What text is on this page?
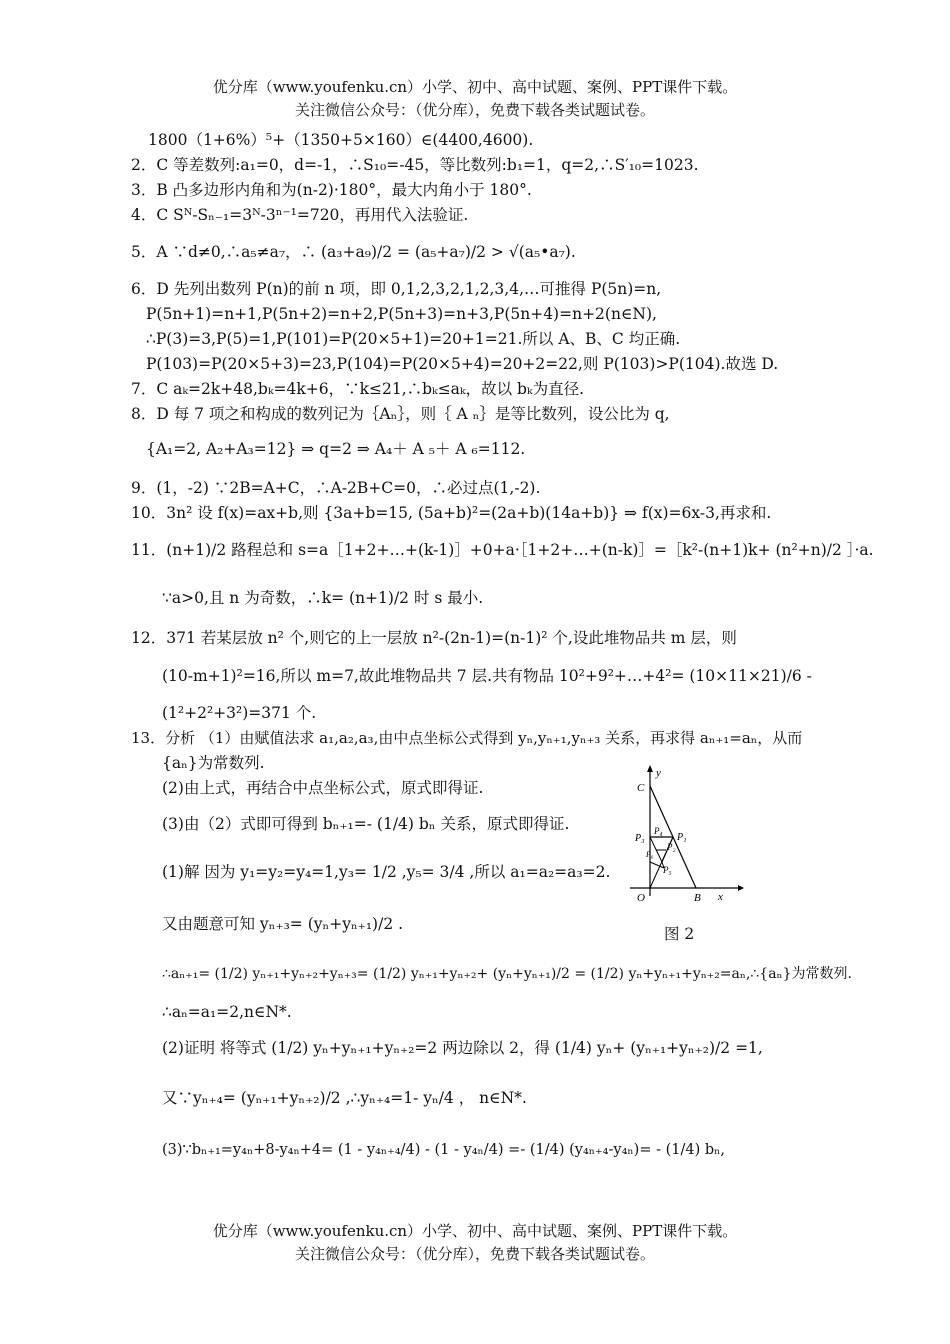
优分库（www.youfenku.cn）小学、初中、高中试题、案例、PPT课件下载。
关注微信公众号：（优分库），免费下载各类试题试卷。
1800（1+6%）⁵+（1350+5×160）∈(4400,4600).
2．C 等差数列:a₁=0，d=-1，∴S₁₀=-45，等比数列:b₁=1，q=2,∴S′₁₀=1023.
3．B 凸多边形内角和为(n-2)·180°，最大内角小于 180°.
4．C Sᴺ-Sₙ₋₁=3ᴺ-3ⁿ⁻¹=720，再用代入法验证.
5．A ∵d≠0,∴a₅≠a₇，∴ (a₃+a₉)/2 = (a₅+a₇)/2 > √(a₅•a₇).
6．D 先列出数列 P(n)的前 n 项，即 0,1,2,3,2,1,2,3,4,…可推得 P(5n)=n,
P(5n+1)=n+1,P(5n+2)=n+2,P(5n+3)=n+3,P(5n+4)=n+2(n∈N),
∴P(3)=3,P(5)=1,P(101)=P(20×5+1)=20+1=21.所以 A、B、C 均正确.
P(103)=P(20×5+3)=23,P(104)=P(20×5+4)=20+2=22,则 P(103)>P(104).故选 D.
7．C aₖ=2k+48,bₖ=4k+6，∵k≤21,∴bₖ≤aₖ，故以 bₖ为直径.
8．D 每 7 项之和构成的数列记为｛Aₙ｝，则｛ A ₙ｝是等比数列，设公比为 q,
{A₁=2, A₂+A₃=12} ⇒ q=2 ⇒ A₄＋ A ₅＋ A ₆=112.
9．(1，-2) ∵2B=A+C，∴A-2B+C=0，∴必过点(1,-2).
10．3n² 设 f(x)=ax+b,则 {3a+b=15, (5a+b)²=(2a+b)(14a+b)} ⇒ f(x)=6x-3,再求和.
11．(n+1)/2 路程总和 s=a［1+2+…+(k-1)］+0+a·［1+2+…+(n-k)］=［k²-(n+1)k+ (n²+n)/2 ］·a.
∵a>0,且 n 为奇数，∴k= (n+1)/2 时 s 最小.
12．371 若某层放 n² 个,则它的上一层放 n²-(2n-1)=(n-1)² 个,设此堆物品共 m 层，则
(10-m+1)²=16,所以 m=7,故此堆物品共 7 层.共有物品 10²+9²+…+4²= (10×11×21)/6 -
(1²+2²+3²)=371 个.
13．分析 （1）由赋值法求 a₁,a₂,a₃,由中点坐标公式得到 yₙ,yₙ₊₁,yₙ₊₃ 关系，再求得 aₙ₊₁=aₙ，从而
{aₙ}为常数列.
(2)由上式，再结合中点坐标公式，原式即得证.
(3)由（2）式即可得到 bₙ₊₁=- (1/4) bₙ 关系，原式即得证.
(1)解 因为 y₁=y₂=y₄=1,y₃= 1/2 ,y₅= 3/4 ,所以 a₁=a₂=a₃=2.
又由题意可知 yₙ₊₃= (yₙ+yₙ₊₁)/2 .
∴aₙ₊₁= (1/2) yₙ₊₁+yₙ₊₂+yₙ₊₃= (1/2) yₙ₊₁+yₙ₊₂+ (yₙ+yₙ₊₁)/2 = (1/2) yₙ+yₙ₊₁+yₙ₊₂=aₙ,∴{aₙ}为常数列.
∴aₙ=a₁=2,n∈N*.
(2)证明 将等式 (1/2) yₙ+yₙ₊₁+yₙ₊₂=2 两边除以 2，得 (1/4) yₙ+ (yₙ₊₁+yₙ₊₂)/2 =1,
又∵yₙ₊₄= (yₙ₊₁+yₙ₊₂)/2 ,∴yₙ₊₄=1- yₙ/4 ， n∈N*.
(3)∵bₙ₊₁=y₄ₙ+8-y₄ₙ+4= (1 - y₄ₙ₊₄/4) - (1 - y₄ₙ/4) =- (1/4) (y₄ₙ₊₄-y₄ₙ)= - (1/4) bₙ,
y
C
P₄
P₁
P₃
P₂
P₆
P₅
O	B x
图 2
优分库（www.youfenku.cn）小学、初中、高中试题、案例、PPT课件下载。
关注微信公众号：（优分库），免费下载各类试题试卷。
